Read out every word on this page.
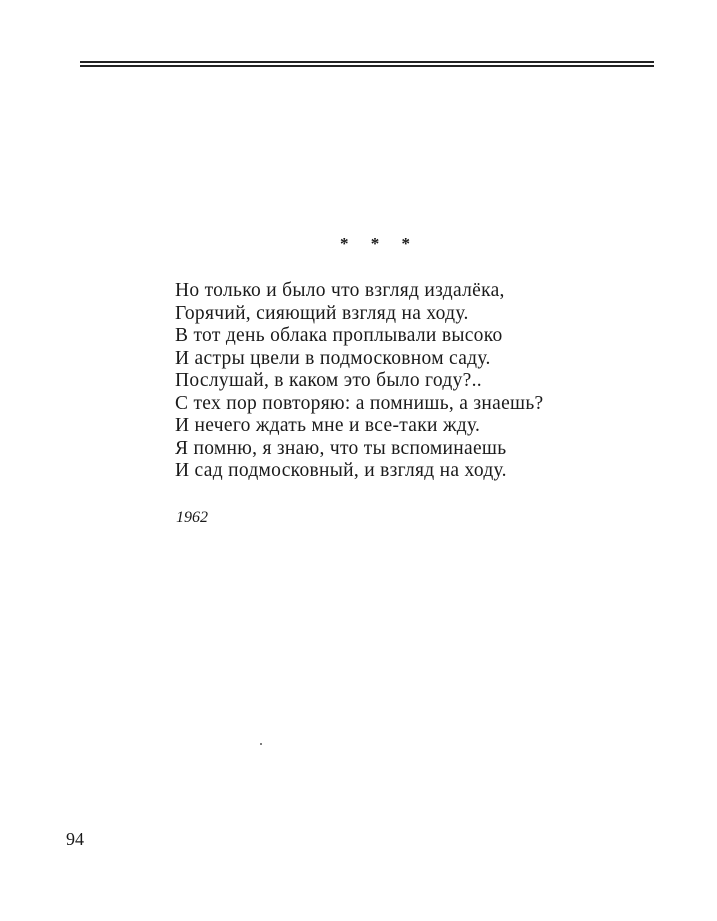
* * *
Но только и было что взгляд издалёка,
Горячий, сияющий взгляд на ходу.
В тот день облака проплывали высоко
И астры цвели в подмосковном саду.
Послушай, в каком это было году?..
С тех пор повторяю: а помнишь, а знаешь?
И нечего ждать мне и все-таки жду.
Я помню, я знаю, что ты вспоминаешь
И сад подмосковный, и взгляд на ходу.
1962
94
